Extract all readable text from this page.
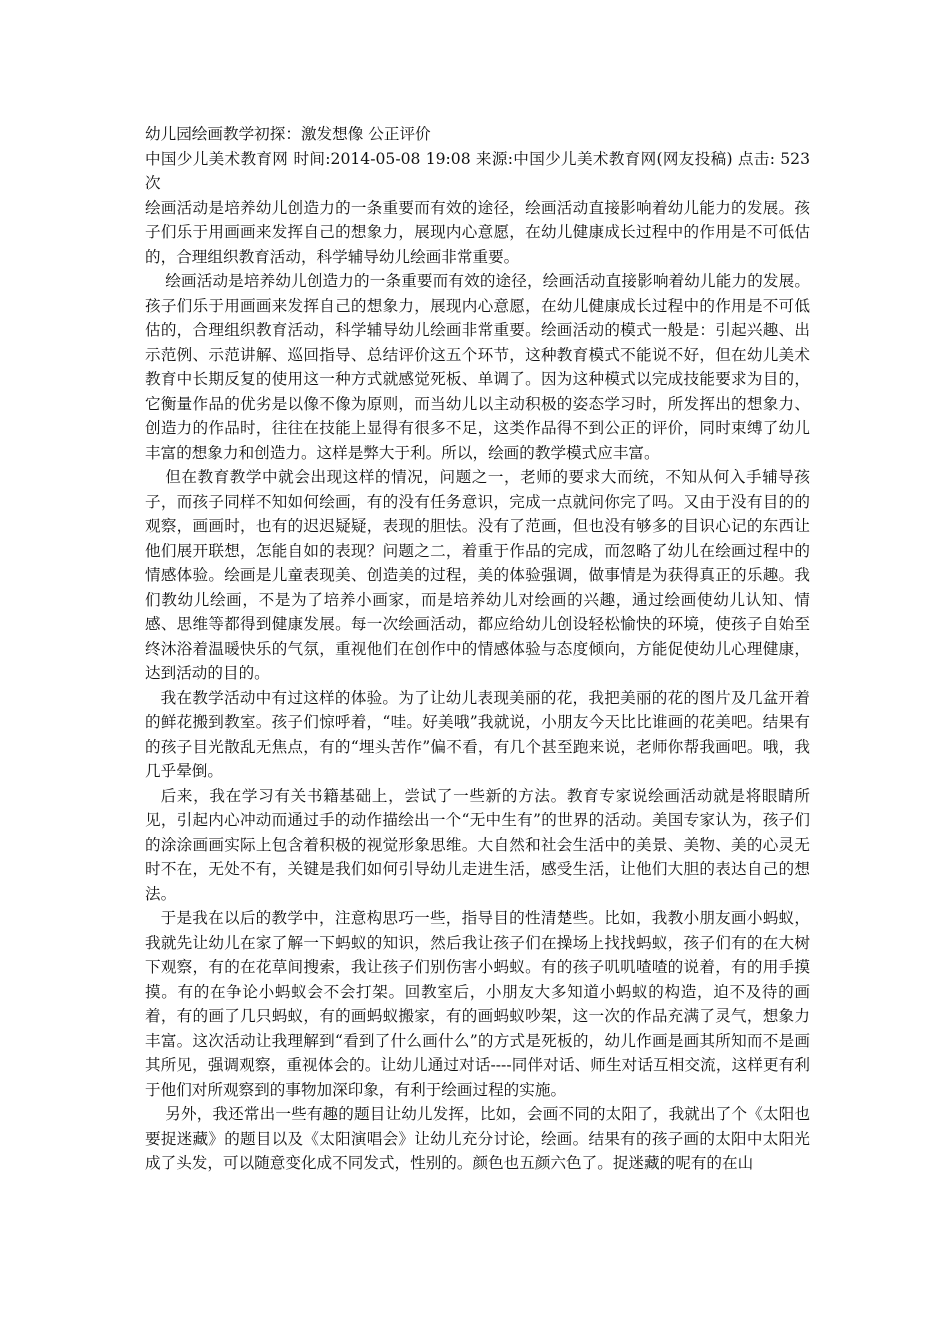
幼儿园绘画教学初探：激发想像 公正评价

中国少儿美术教育网 时间:2014-05-08 19:08 来源:中国少儿美术教育网(网友投稿) 点击: 523 次

绘画活动是培养幼儿创造力的一条重要而有效的途径，绘画活动直接影响着幼儿能力的发展。孩子们乐于用画画来发挥自己的想象力，展现内心意愿，在幼儿健康成长过程中的作用是不可低估的，合理组织教育活动，科学辅导幼儿绘画非常重要。

绘画活动是培养幼儿创造力的一条重要而有效的途径，绘画活动直接影响着幼儿能力的发展。孩子们乐于用画画来发挥自己的想象力，展现内心意愿，在幼儿健康成长过程中的作用是不可低估的，合理组织教育活动，科学辅导幼儿绘画非常重要。绘画活动的模式一般是：引起兴趣、出示范例、示范讲解、巡回指导、总结评价这五个环节，这种教育模式不能说不好，但在幼儿美术教育中长期反复的使用这一种方式就感觉死板、单调了。因为这种模式以完成技能要求为目的，它衡量作品的优劣是以像不像为原则，而当幼儿以主动积极的姿态学习时，所发挥出的想象力、创造力的作品时，往往在技能上显得有很多不足，这类作品得不到公正的评价，同时束缚了幼儿丰富的想象力和创造力。这样是弊大于利。所以，绘画的教学模式应丰富。

但在教育教学中就会出现这样的情况，问题之一，老师的要求大而统，不知从何入手辅导孩子，而孩子同样不知如何绘画，有的没有任务意识，完成一点就问你完了吗。又由于没有目的的观察，画画时，也有的迟迟疑疑，表现的胆怯。没有了范画，但也没有够多的目识心记的东西让他们展开联想，怎能自如的表现？问题之二，着重于作品的完成，而忽略了幼儿在绘画过程中的情感体验。绘画是儿童表现美、创造美的过程，美的体验强调，做事情是为获得真正的乐趣。我们教幼儿绘画，不是为了培养小画家，而是培养幼儿对绘画的兴趣，通过绘画使幼儿认知、情感、思维等都得到健康发展。每一次绘画活动，都应给幼儿创设轻松愉快的环境，使孩子自始至终沐浴着温暖快乐的气氛，重视他们在创作中的情感体验与态度倾向，方能促使幼儿心理健康，达到活动的目的。

我在教学活动中有过这样的体验。为了让幼儿表现美丽的花，我把美丽的花的图片及几盆开着的鲜花搬到教室。孩子们惊呼着，“哇。好美哦”我就说，小朋友今天比比谁画的花美吧。结果有的孩子目光散乱无焦点，有的“埋头苦作”偏不看，有几个甚至跑来说，老师你帮我画吧。哦，我几乎晕倒。

后来，我在学习有关书籍基础上，尝试了一些新的方法。教育专家说绘画活动就是将眼睛所见，引起内心冲动而通过手的动作描绘出一个“无中生有”的世界的活动。美国专家认为，孩子们的涂涂画画实际上包含着积极的视觉形象思维。大自然和社会生活中的美景、美物、美的心灵无时不在，无处不有，关键是我们如何引导幼儿走进生活，感受生活，让他们大胆的表达自己的想法。

于是我在以后的教学中，注意构思巧一些，指导目的性清楚些。比如，我教小朋友画小蚂蚁，我就先让幼儿在家了解一下蚂蚁的知识，然后我让孩子们在操场上找找蚂蚁，孩子们有的在大树下观察，有的在花草间搜索，我让孩子们别伤害小蚂蚁。有的孩子叽叽喳喳的说着，有的用手摸摸。有的在争论小蚂蚁会不会打架。回教室后，小朋友大多知道小蚂蚁的构造，迫不及待的画着，有的画了几只蚂蚁，有的画蚂蚁搬家，有的画蚂蚁吵架，这一次的作品充满了灵气，想象力丰富。这次活动让我理解到“看到了什么画什么”的方式是死板的，幼儿作画是画其所知而不是画其所见，强调观察，重视体会的。让幼儿通过对话----同伴对话、师生对话互相交流，这样更有利于他们对所观察到的事物加深印象，有利于绘画过程的实施。

另外，我还常出一些有趣的题目让幼儿发挥，比如，会画不同的太阳了，我就出了个《太阳也要捉迷藏》的题目以及《太阳演唱会》让幼儿充分讨论，绘画。结果有的孩子画的太阳中太阳光成了头发，可以随意变化成不同发式，性别的。颜色也五颜六色了。捉迷藏的呢有的在山
